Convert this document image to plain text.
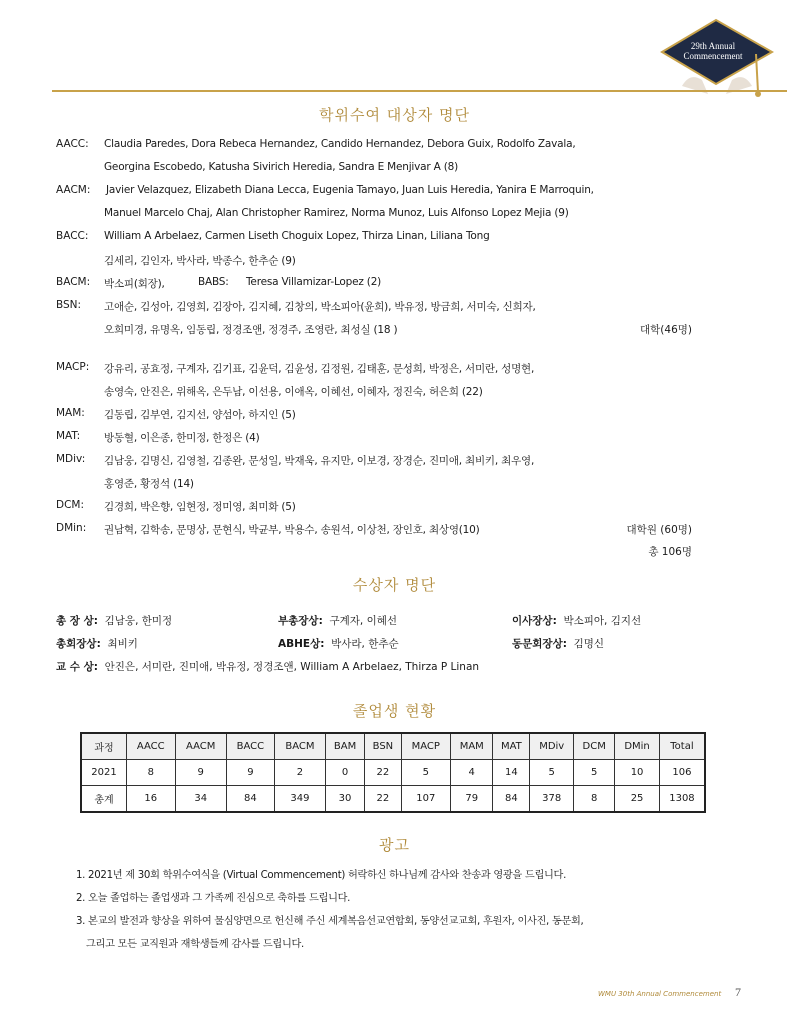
29th Annual
Commencement
학위수여 대상자 명단
AACC: Claudia Paredes, Dora Rebeca Hernandez, Candido Hernandez, Debora Guix, Rodolfo Zavala,
Georgina Escobedo, Katusha Sivirich Heredia, Sandra E Menjivar A (8)
AACM: Javier Velazquez, Elizabeth Diana Lecca, Eugenia Tamayo, Juan Luis Heredia, Yanira E Marroquin,
Manuel Marcelo Chaj, Alan Christopher Ramirez, Norma Munoz, Luis Alfonso Lopez Mejia (9)
BACC: William A Arbelaez, Carmen Liseth Choguix Lopez, Thirza Linan, Liliana Tong
김세리, 김인자, 박사라, 박종수, 한추순 (9)
BACM: 박소피(회장),	BABS: Teresa Villamizar-Lopez (2)
BSN: 고애순, 김성아, 김영희, 김장아, 김지혜, 김창의, 박소피아(윤희), 박유정, 방금희, 서미숙, 신희자,
오희미경, 유명옥, 임동립, 정경조앤, 정경주, 조영란, 최성실 (18 )	대학(46명)
MACP: 강유리, 공효정, 구계자, 김기표, 김윤덕, 김윤성, 김정원, 김태훈, 문성희, 박정은, 서미란, 성명현,
송영숙, 안진은, 위해옥, 은두남, 이선용, 이애옥, 이혜선, 이혜자, 정진숙, 허은희 (22)
MAM: 김동립, 김부연, 김지선, 양섬아, 하지인 (5)
MAT: 방동혈, 이은종, 한미정, 한정은 (4)
MDiv: 김남웅, 김명신, 김영철, 김종완, 문성일, 박재욱, 유지만, 이보경, 장경순, 진미애, 최비키, 최우영,
홍영준, 황정석 (14)
DCM: 김경희, 박은향, 임현정, 정미영, 최미화 (5)
DMin: 권남혁, 김학송, 문명상, 문현식, 박균부, 박용수, 송원석, 이상천, 장인호, 최상영(10)	대학원 (60명)
총 106명
수상자 명단
총 장 상: 김남웅, 한미정	부총장상: 구계자, 이혜선	이사장상: 박소피아, 김지선
총회장상: 최비키	ABHE상: 박사라, 한추순	동문회장상: 김명신
교 수 상: 안진은, 서미란, 진미애, 박유정, 정경조앤, William A Arbelaez, Thirza P Linan
졸업생 현황
과정	AACC	AACM	BACC	BACM	BAM	BSN	MACP	MAM	MAT	MDiv	DCM	DMin	Total
2021	8	9	9	2	0	22	5	4	14	5	5	10	106
총계	16	34	84	349	30	22	107	79	84	378	8	25	1308
광고
1. 2021년 제 30회 학위수여식을 (Virtual Commencement) 허락하신 하나님께 감사와 찬송과 영광을 드립니다.
2. 오늘 졸업하는 졸업생과 그 가족께 진심으로 축하를 드립니다.
3. 본교의 발전과 향상을 위하여 물심양면으로 헌신해 주신 세계복음선교연합회, 동양선교교회, 후원자, 이사진, 동문회,
그리고 모든 교직원과 재학생들께 감사를 드립니다.
WMU 30th Annual Commencement 7
